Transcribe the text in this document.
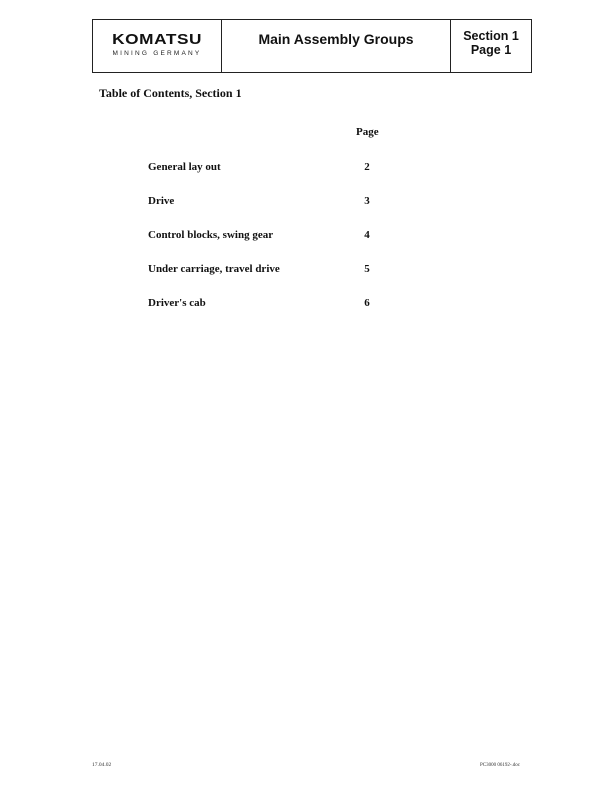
KOMATSU
MINING GERMANY
Main Assembly Groups	Section 1
Page 1
Table of Contents, Section 1
Page
General lay out	2
Drive	3
Control blocks, swing gear	4
Under carriage, travel drive	5
Driver's cab	6
17.04.02	PC3000 06192-.doc
